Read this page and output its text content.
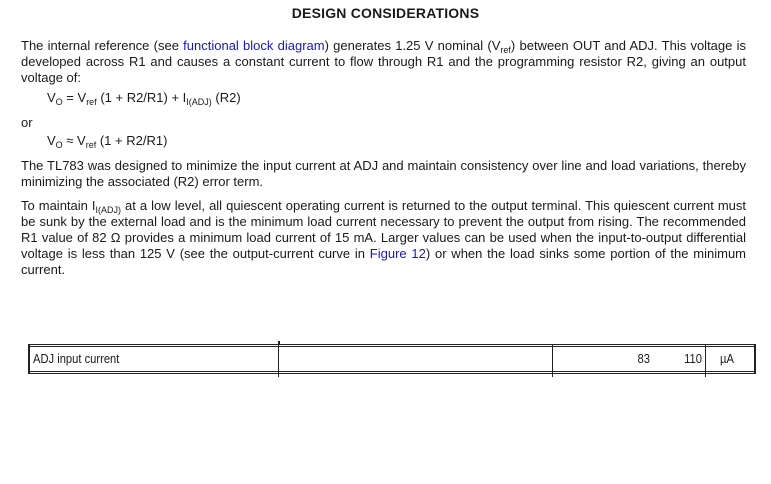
DESIGN CONSIDERATIONS

The internal reference (see functional block diagram) generates 1.25 V nominal $(V_{ref})$ between OUT and ADJ. This voltage is developed across R1 and causes a constant current to flow through R1 and the programming resistor R2, giving an output voltage of:

$V_O = V_{ref}$ $(1 + R2/R1) + I_{I(ADJ)}$ (R2)

or

$V_O \approx V_{ref}$ (1 + R2/R1)

The TL783 was designed to minimize the input current at ADJ and maintain consistency over line and load variations, thereby minimizing the associated (R2) error term.

To maintain $I_{I(ADJ)}$ at a low level, all quiescent operating current is returned to the output terminal. This quiescent current must be sunk by the external load and is the minimum load current necessary to prevent the output from rising. The recommended R1 value of 82 Ω provides a minimum load current of 15 mA. Larger values can be used when the input-to-output differential voltage is less than 125 V (see the output-current curve in Figure 12) or when the load sinks some portion of the minimum current.

ADJ input current	83	110 µA
